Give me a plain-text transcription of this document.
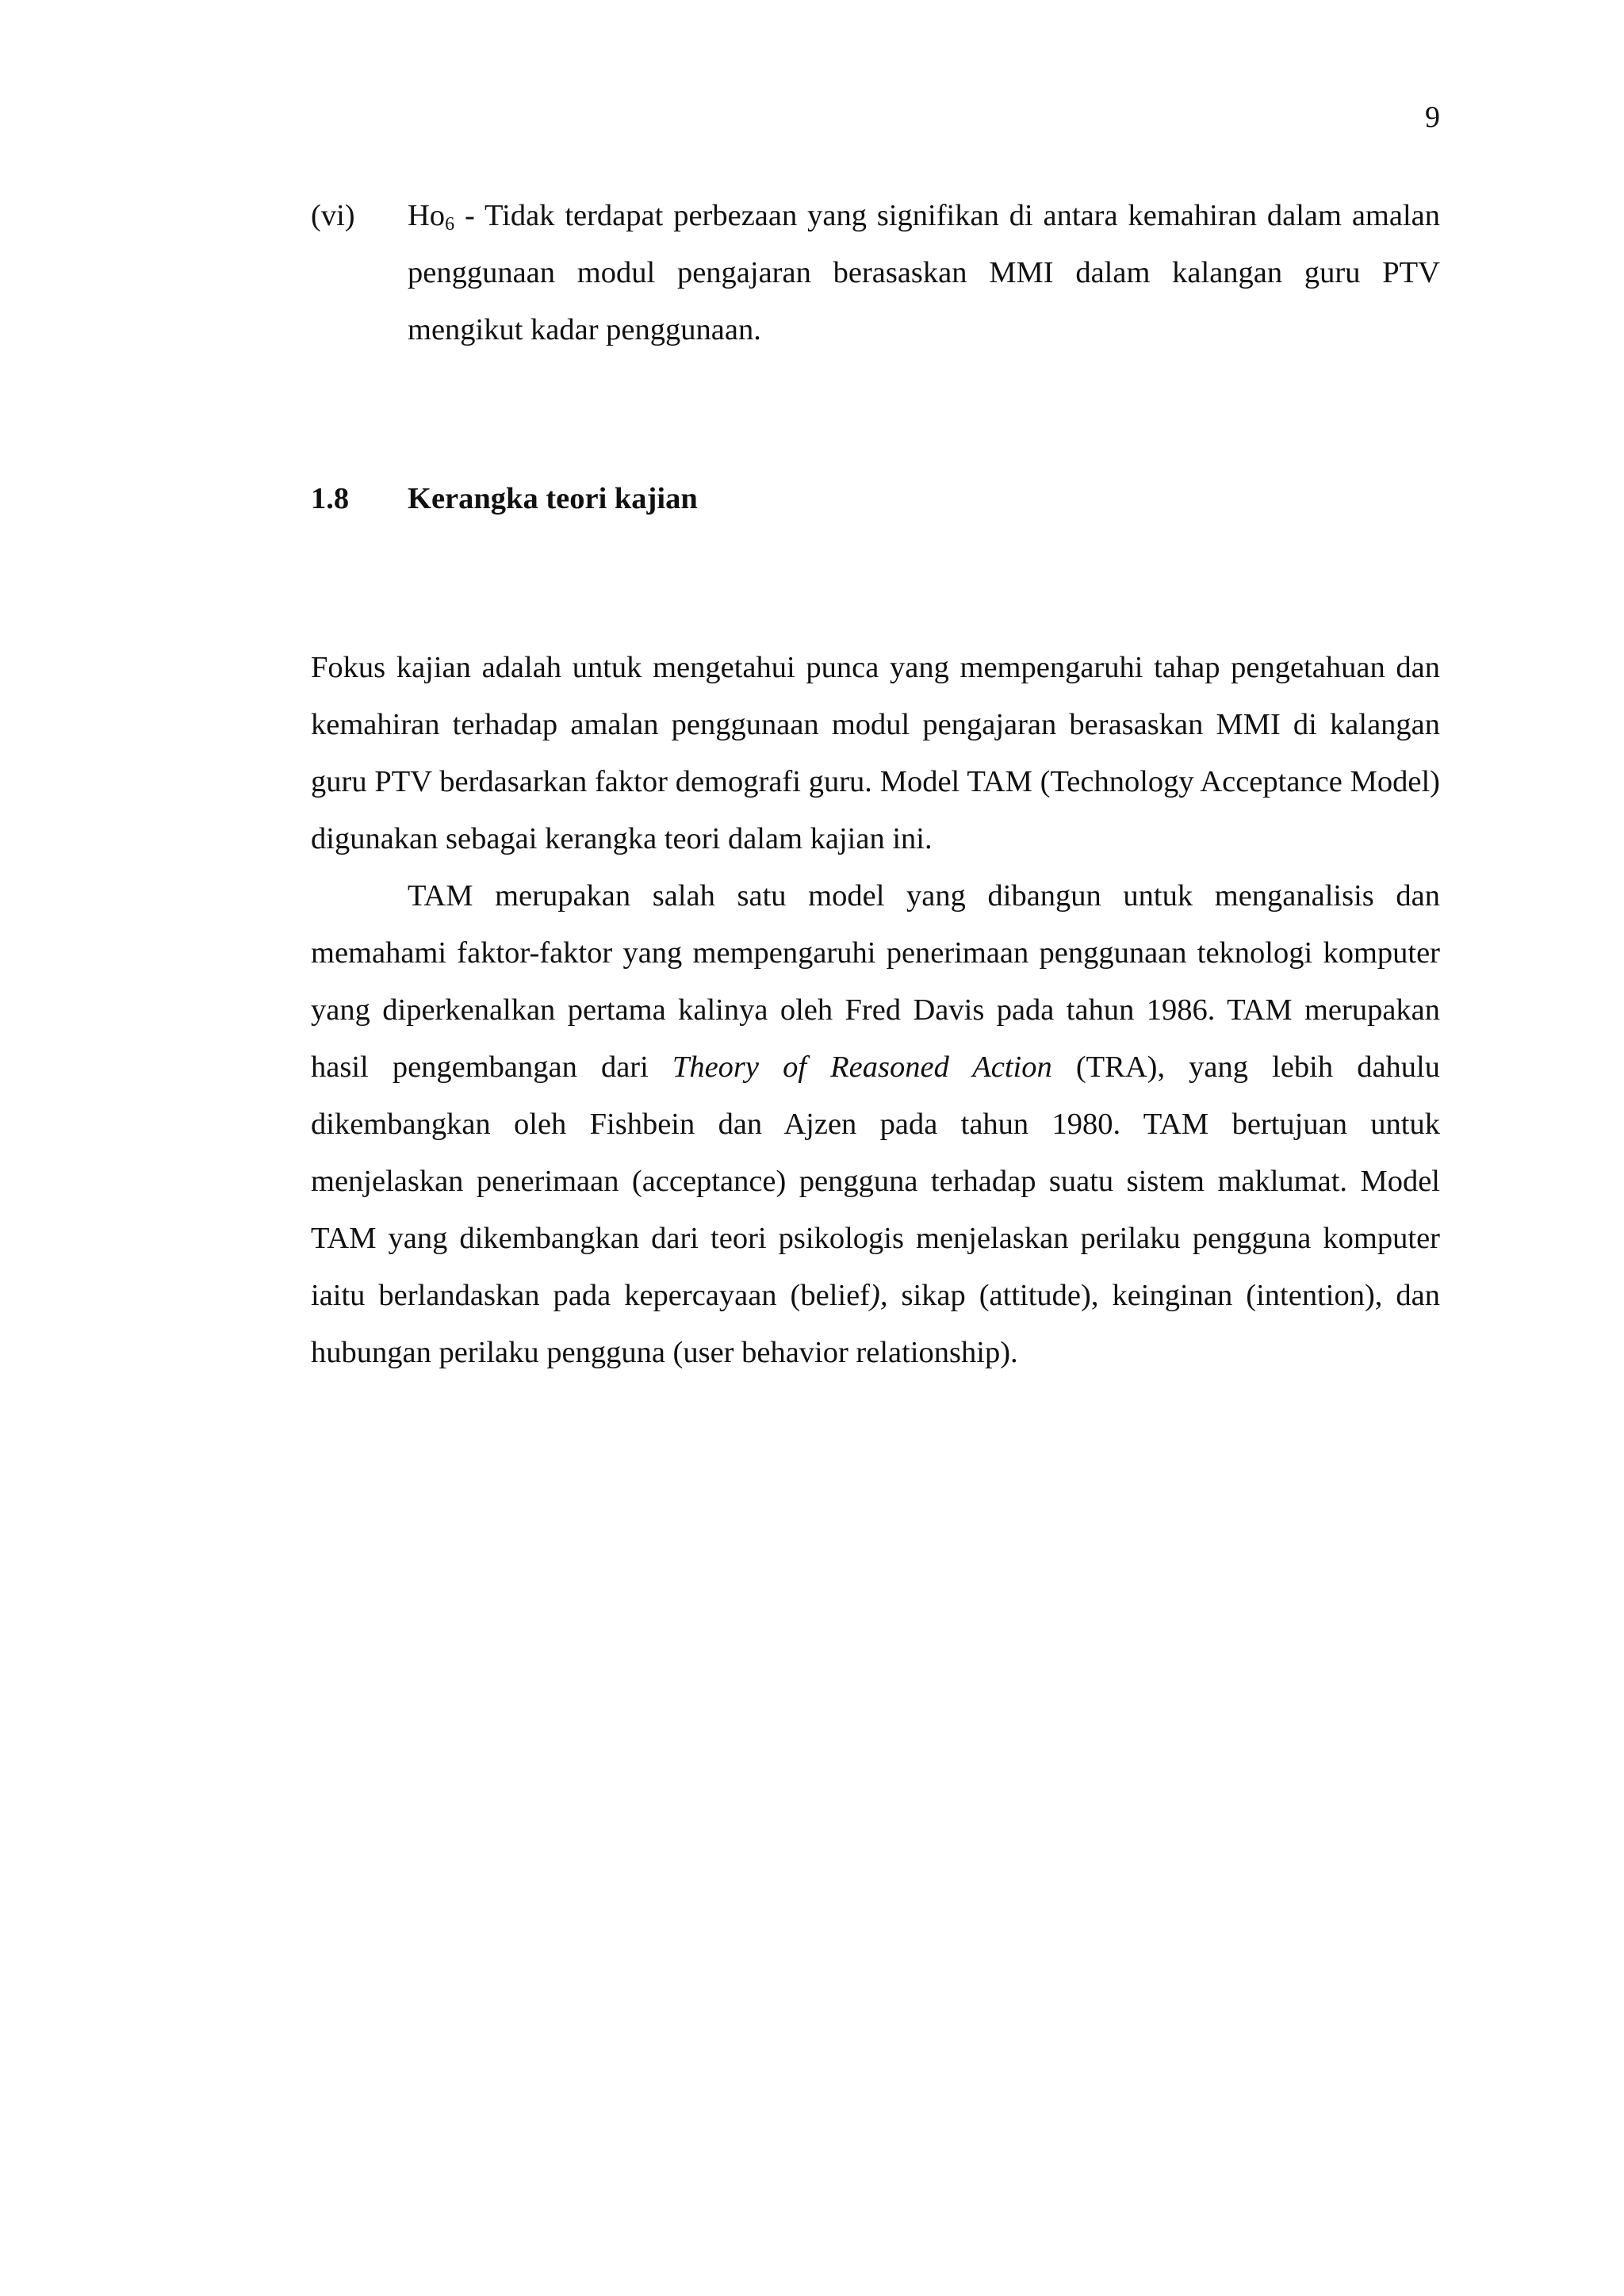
9
(vi) $Ho_6$ - Tidak terdapat perbezaan yang signifikan di antara kemahiran dalam amalan penggunaan modul pengajaran berasaskan MMI dalam kalangan guru PTV mengikut kadar penggunaan.
1.8 Kerangka teori kajian

Fokus kajian adalah untuk mengetahui punca yang mempengaruhi tahap pengetahuan dan kemahiran terhadap amalan penggunaan modul pengajaran berasaskan MMI di kalangan guru PTV berdasarkan faktor demografi guru. Model TAM (Technology Acceptance Model) digunakan sebagai kerangka teori dalam kajian ini.

TAM merupakan salah satu model yang dibangun untuk menganalisis dan memahami faktor-faktor yang mempengaruhi penerimaan penggunaan teknologi komputer yang diperkenalkan pertama kalinya oleh Fred Davis pada tahun 1986. TAM merupakan hasil pengembangan dari Theory of Reasoned Action (TRA), yang lebih dahulu dikembangkan oleh Fishbein dan Ajzen pada tahun 1980. TAM bertujuan untuk menjelaskan penerimaan (acceptance) pengguna terhadap suatu sistem maklumat. Model TAM yang dikembangkan dari teori psikologis menjelaskan perilaku pengguna komputer iaitu berlandaskan pada kepercayaan (belief), sikap (attitude), keinginan (intention), dan hubungan perilaku pengguna (user behavior relationship).
